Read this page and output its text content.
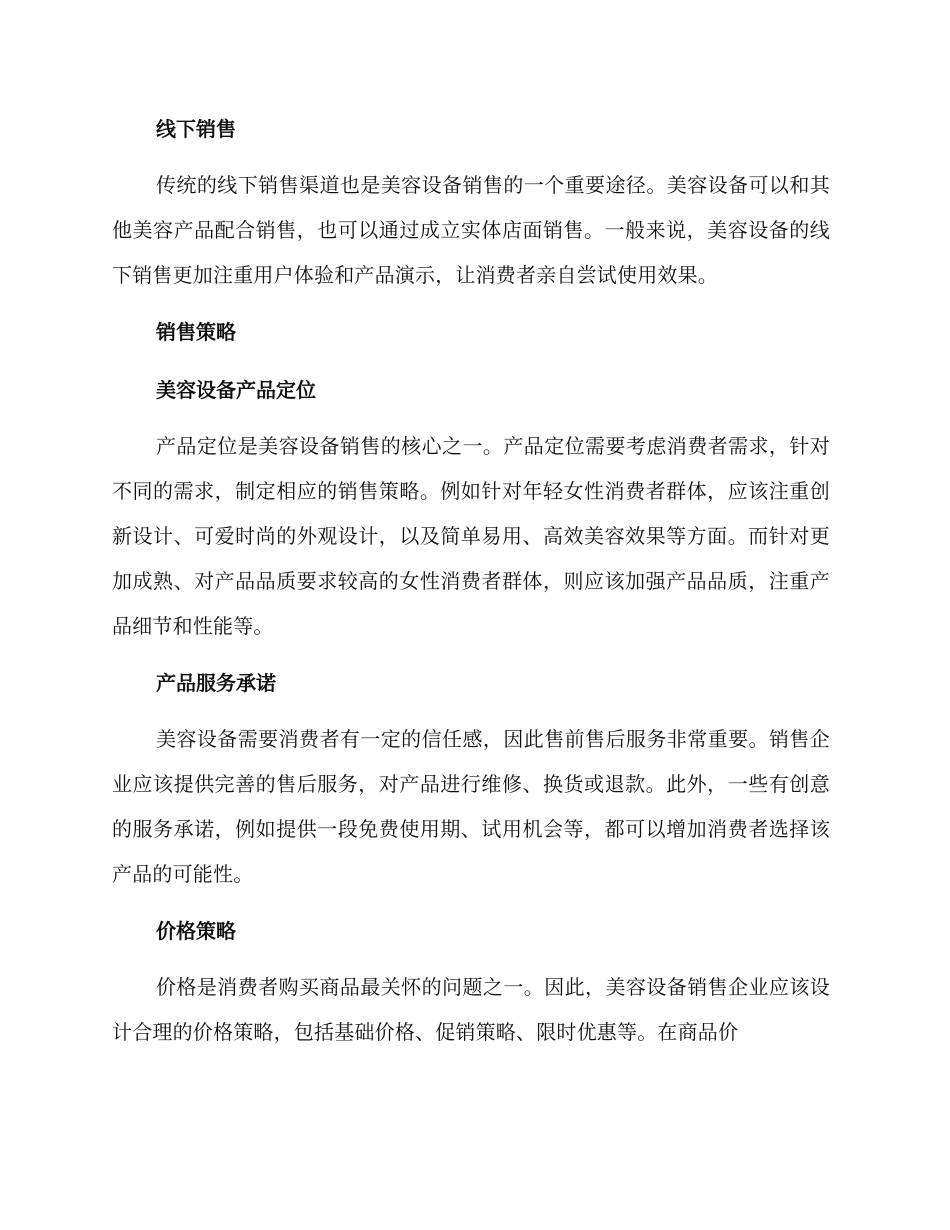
线下销售

传统的线下销售渠道也是美容设备销售的一个重要途径。美容设备可以和其他美容产品配合销售，也可以通过成立实体店面销售。一般来说，美容设备的线下销售更加注重用户体验和产品演示，让消费者亲自尝试使用效果。

销售策略
美容设备产品定位

产品定位是美容设备销售的核心之一。产品定位需要考虑消费者需求，针对不同的需求，制定相应的销售策略。例如针对年轻女性消费者群体，应该注重创新设计、可爱时尚的外观设计，以及简单易用、高效美容效果等方面。而针对更加成熟、对产品品质要求较高的女性消费者群体，则应该加强产品品质，注重产品细节和性能等。

产品服务承诺

美容设备需要消费者有一定的信任感，因此售前售后服务非常重要。销售企业应该提供完善的售后服务，对产品进行维修、换货或退款。此外，一些有创意的服务承诺，例如提供一段免费使用期、试用机会等，都可以增加消费者选择该产品的可能性。

价格策略

价格是消费者购买商品最关怀的问题之一。因此，美容设备销售企业应该设计合理的价格策略，包括基础价格、促销策略、限时优惠等。在商品价
